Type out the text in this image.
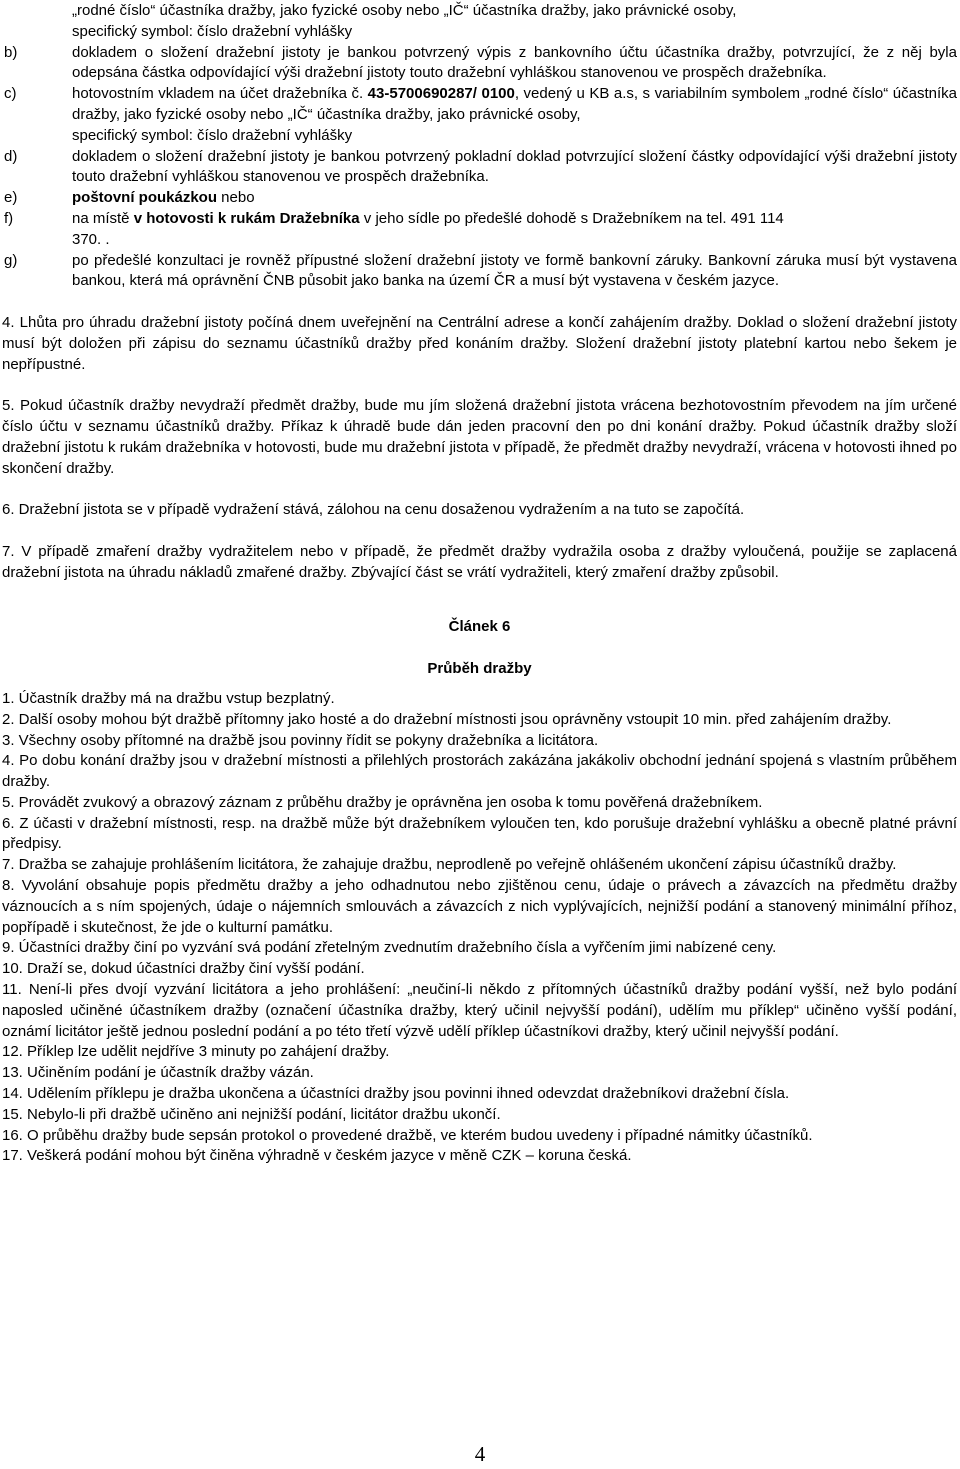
„rodné číslo“ účastníka dražby, jako fyzické osoby nebo „IČ“ účastníka dražby, jako právnické osoby,
specifický symbol: číslo dražební vyhlášky
b)	dokladem o složení dražební jistoty je bankou potvrzený výpis z bankovního účtu účastníka dražby, potvrzující, že z něj byla odepsána částka odpovídající výši dražební jistoty touto dražební vyhláškou stanovenou ve prospěch dražebníka.
c)	hotovostním vkladem na účet dražebníka č. 43-5700690287/ 0100, vedený u KB a.s, s variabilním symbolem „rodné číslo“ účastníka dražby, jako fyzické osoby nebo „IČ“ účastníka dražby, jako právnické osoby,
specifický symbol: číslo dražební vyhlášky
d)	dokladem o složení dražební jistoty je bankou potvrzený pokladní doklad potvrzující složení částky odpovídající výši dražební jistoty touto dražební vyhláškou stanovenou ve prospěch dražebníka.
e)	poštovní poukázkou nebo
f)	na místě v hotovosti k rukám Dražebníka v jeho sídle po předešlé dohodě s Dražebníkem na tel. 491 114
370. .
g)	po předešlé konzultaci je rovněž přípustné složení dražební jistoty ve formě bankovní záruky. Bankovní záruka musí být vystavena bankou, která má oprávnění ČNB působit jako banka na území ČR a musí být vystavena v českém jazyce.
4. Lhůta pro úhradu dražební jistoty počíná dnem uveřejnění na Centrální adrese a končí zahájením dražby. Doklad o složení dražební jistoty musí být doložen při zápisu do seznamu účastníků dražby před konáním dražby. Složení dražební jistoty platební kartou nebo šekem je nepřípustné.
5. Pokud účastník dražby nevydraží předmět dražby, bude mu jím složená dražební jistota vrácena bezhotovostním převodem na jím určené číslo účtu v seznamu účastníků dražby. Příkaz k úhradě bude dán jeden pracovní den po dni konání dražby. Pokud účastník dražby složí dražební jistotu k rukám dražebníka v hotovosti, bude mu dražební jistota v případě, že předmět dražby nevydraží, vrácena v hotovosti ihned po skončení dražby.
6. Dražební jistota se v případě vydražení stává, zálohou na cenu dosaženou vydražením a na tuto se započítá.
7. V případě zmaření dražby vydražitelem nebo v případě, že předmět dražby vydražila osoba z dražby vyloučená, použije se zaplacená dražební jistota na úhradu nákladů zmařené dražby. Zbývající část se vrátí vydražiteli, který zmaření dražby způsobil.
Článek 6
Průběh dražby
1. Účastník dražby má na dražbu vstup bezplatný.
2. Další osoby mohou být dražbě přítomny jako hosté a do dražební místnosti jsou oprávněny vstoupit 10 min. před zahájením dražby.
3. Všechny osoby přítomné na dražbě jsou povinny řídit se pokyny dražebníka a licitátora.
4. Po dobu konání dražby jsou v dražební místnosti a přilehlých prostorách zakázána jakákoliv obchodní jednání spojená s vlastním průběhem dražby.
5. Provádět zvukový a obrazový záznam z průběhu dražby je oprávněna jen osoba k tomu pověřená dražebníkem.
6. Z účasti v dražební místnosti, resp. na dražbě může být dražebníkem vyloučen ten, kdo porušuje dražební vyhlášku a obecně platné právní předpisy.
7. Dražba se zahajuje prohlášením licitátora, že zahajuje dražbu, neprodleně po veřejně ohlášeném ukončení zápisu účastníků dražby.
8. Vyvolání obsahuje popis předmětu dražby a jeho odhadnutou nebo zjištěnou cenu, údaje o právech a závazcích na předmětu dražby váznoucích a s ním spojených, údaje o nájemních smlouvách a závazcích z nich vyplývajících, nejnižší podání a stanovený minimální příhoz, popřípadě i skutečnost, že jde o kulturní památku.
9. Účastníci dražby činí po vyzvání svá podání zřetelným zvednutím dražebního čísla a vyřčením jimi nabízené ceny.
10. Draží se, dokud účastníci dražby činí vyšší podání.
11. Není-li přes dvojí vyzvání licitátora a jeho prohlášení: „neučiní-li někdo z přítomných účastníků dražby podání vyšší, než bylo podání naposled učiněné účastníkem dražby (označení účastníka dražby, který učinil nejvyšší podání), udělím mu příklep“ učiněno vyšší podání, oznámí licitátor ještě jednou poslední podání a po této třetí výzvě udělí příklep účastníkovi dražby, který učinil nejvyšší podání.
12. Příklep lze udělit nejdříve 3 minuty po zahájení dražby.
13. Učiněním podání je účastník dražby vázán.
14. Udělením příklepu je dražba ukončena a účastníci dražby jsou povinni ihned odevzdat dražebníkovi dražební čísla.
15. Nebylo-li při dražbě učiněno ani nejnižší podání, licitátor dražbu ukončí.
16. O průběhu dražby bude sepsán protokol o provedené dražbě, ve kterém budou uvedeny i případné námitky účastníků.
17. Veškerá podání mohou být činěna výhradně v českém jazyce v měně CZK – koruna česká.
4
